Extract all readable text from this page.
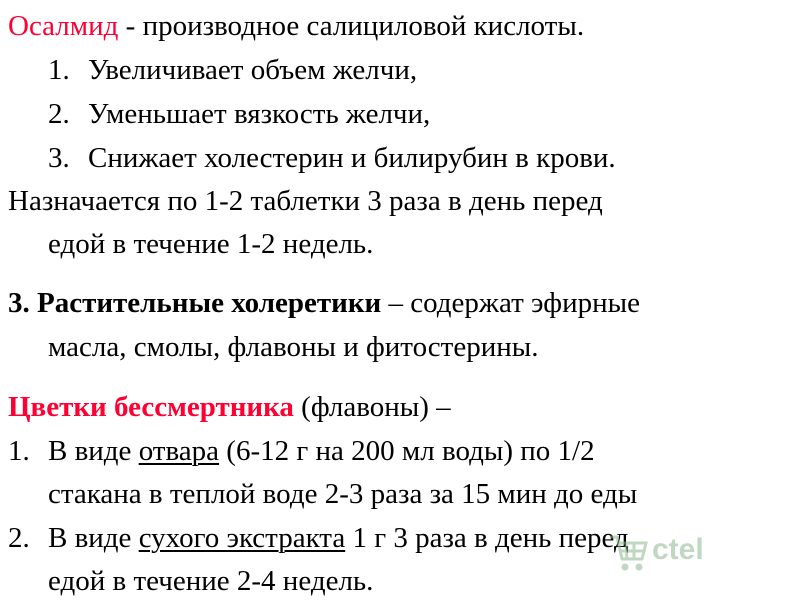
Осалмид - производное салициловой кислоты.
1. Увеличивает объем желчи,
2. Уменьшает вязкость желчи,
3. Снижает холестерин и билирубин в крови.
Назначается по 1-2 таблетки 3 раза в день перед
едой в течение 1-2 недель.
3. Растительные холеретики – содержат эфирные
масла, смолы, флавоны и фитостерины.
Цветки бессмертника (флавоны) –
1. В виде отвара (6-12 г на 200 мл воды) по 1/2
стакана в теплой воде 2-3 раза за 15 мин до еды
2. В виде сухого экстракта 1 г 3 раза в день перед
едой в течение 2-4 недель.
ctel
